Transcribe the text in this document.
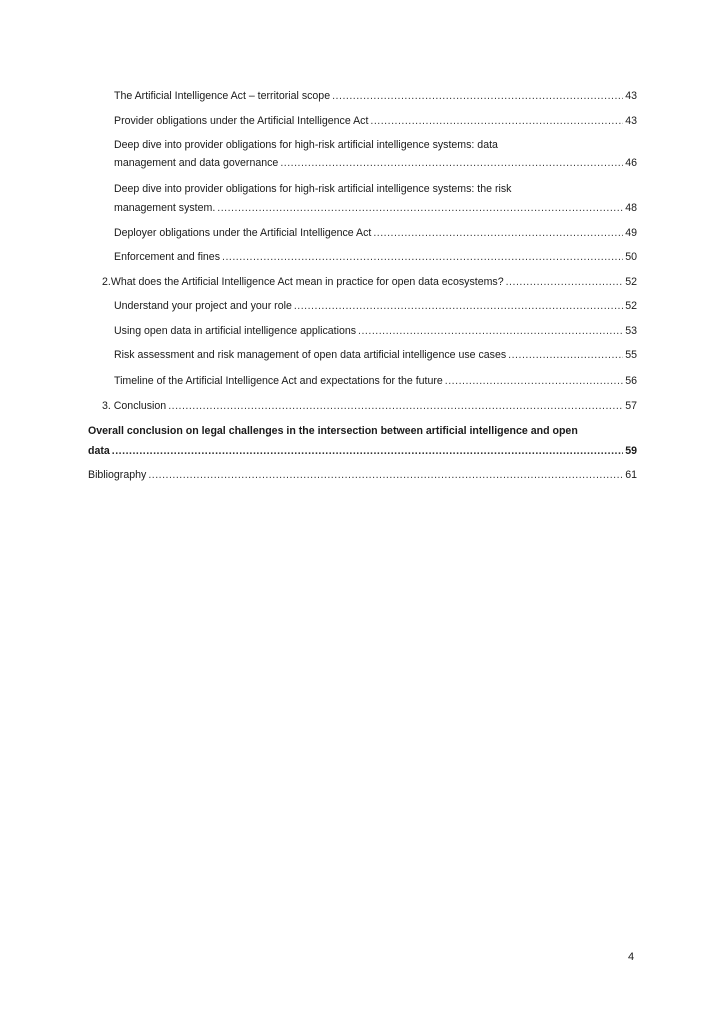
The Artificial Intelligence Act – territorial scope .....	43
Provider obligations under the Artificial Intelligence Act .....	43
Deep dive into provider obligations for high-risk artificial intelligence systems: data
management and data governance .....	46
Deep dive into provider obligations for high-risk artificial intelligence systems: the risk
management system. .....	48
Deployer obligations under the Artificial Intelligence Act .....	49
Enforcement and fines .....	50
2. What does the Artificial Intelligence Act mean in practice for open data ecosystems? .....	52
Understand your project and your role .....	52
Using open data in artificial intelligence applications .....	53
Risk assessment and risk management of open data artificial intelligence use cases .....	55
Timeline of the Artificial Intelligence Act and expectations for the future .....	56
3. Conclusion .....	57
Overall conclusion on legal challenges in the intersection between artificial intelligence and open
data .....	59
Bibliography .....	61
4
